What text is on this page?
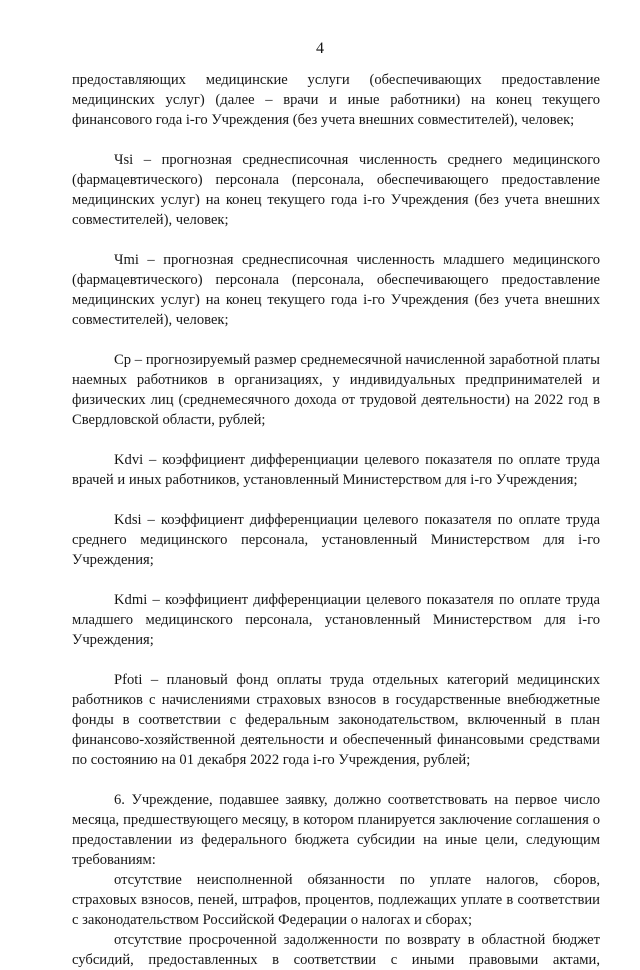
4

предоставляющих медицинские услуги (обеспечивающих предоставление медицинских услуг) (далее – врачи и иные работники) на конец текущего финансового года i-го Учреждения (без учета внешних совместителей), человек;

Чsi – прогнозная среднесписочная численность среднего медицинского (фармацевтического) персонала (персонала, обеспечивающего предоставление медицинских услуг) на конец текущего года i-го Учреждения (без учета внешних совместителей), человек;

Чmi – прогнозная среднесписочная численность младшего медицинского (фармацевтического) персонала (персонала, обеспечивающего предоставление медицинских услуг) на конец текущего года i-го Учреждения (без учета внешних совместителей), человек;

Ср – прогнозируемый размер среднемесячной начисленной заработной платы наемных работников в организациях, у индивидуальных предпринимателей и физических лиц (среднемесячного дохода от трудовой деятельности) на 2022 год в Свердловской области, рублей;

Kdvi – коэффициент дифференциации целевого показателя по оплате труда врачей и иных работников, установленный Министерством для i-го Учреждения;

Kdsi – коэффициент дифференциации целевого показателя по оплате труда среднего медицинского персонала, установленный Министерством для i-го Учреждения;

Kdmi – коэффициент дифференциации целевого показателя по оплате труда младшего медицинского персонала, установленный Министерством для i-го Учреждения;

Pfoti – плановый фонд оплаты труда отдельных категорий медицинских работников с начислениями страховых взносов в государственные внебюджетные фонды в соответствии с федеральным законодательством, включенный в план финансово-хозяйственной деятельности и обеспеченный финансовыми средствами по состоянию на 01 декабря 2022 года i-го Учреждения, рублей;

6. Учреждение, подавшее заявку, должно соответствовать на первое число месяца, предшествующего месяцу, в котором планируется заключение соглашения о предоставлении из федерального бюджета субсидии на иные цели, следующим требованиям:

отсутствие неисполненной обязанности по уплате налогов, сборов, страховых взносов, пеней, штрафов, процентов, подлежащих уплате в соответствии с законодательством Российской Федерации о налогах и сборах;

отсутствие просроченной задолженности по возврату в областной бюджет субсидий, предоставленных в соответствии с иными правовыми актами,
